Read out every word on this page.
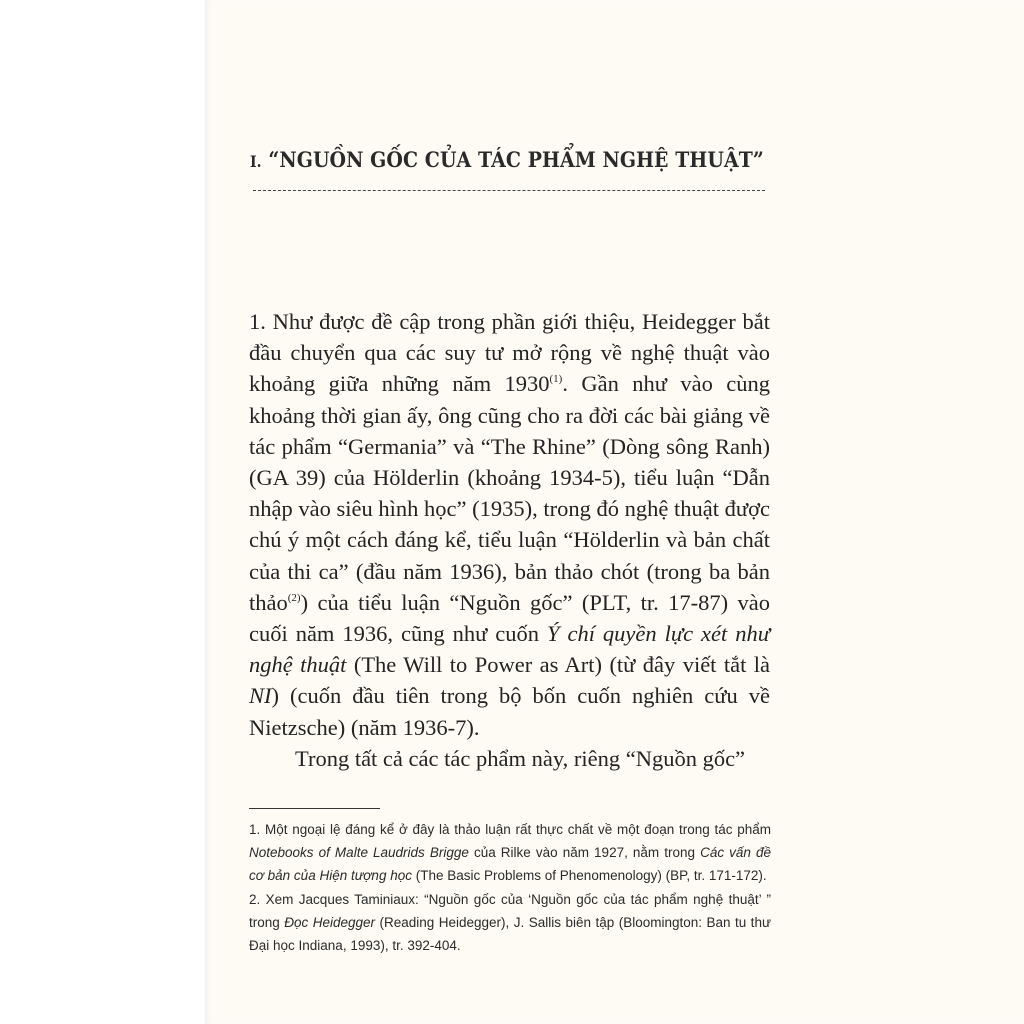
I. “NGUỒN GỐC CỦA TÁC PHẨM NGHỆ THUẬT”

1. Như được đề cập trong phần giới thiệu, Heidegger bắt đầu chuyển qua các suy tư mở rộng về nghệ thuật vào khoảng giữa những năm 1930$^{(1)}$. Gần như vào cùng khoảng thời gian ấy, ông cũng cho ra đời các bài giảng về tác phẩm “Germania” và “The Rhine” (Dòng sông Ranh) (GA 39) của Hölderlin (khoảng 1934-5), tiểu luận “Dẫn nhập vào siêu hình học” (1935), trong đó nghệ thuật được chú ý một cách đáng kể, tiểu luận “Hölderlin và bản chất của thi ca” (đầu năm 1936), bản thảo chót (trong ba bản thảo$^{(2)}$) của tiểu luận “Nguồn gốc” (PLT, tr. 17-87) vào cuối năm 1936, cũng như cuốn Ý chí quyền lực xét như nghệ thuật (The Will to Power as Art) (từ đây viết tắt là NI) (cuốn đầu tiên trong bộ bốn cuốn nghiên cứu về Nietzsche) (năm 1936-7).

Trong tất cả các tác phẩm này, riêng “Nguồn gốc”

1. Một ngoại lệ đáng kể ở đây là thảo luận rất thực chất về một đoạn trong tác phẩm Notebooks of Malte Laudrids Brigge của Rilke vào năm 1927, nằm trong Các vấn đề cơ bản của Hiện tượng học (The Basic Problems of Phenomenology) (BP, tr. 171-172).

2. Xem Jacques Taminiaux: “Nguồn gốc của ‘Nguồn gốc của tác phẩm nghệ thuật’ ” trong Đọc Heidegger (Reading Heidegger), J. Sallis biên tập (Bloomington: Ban tu thư Đại học Indiana, 1993), tr. 392-404.
